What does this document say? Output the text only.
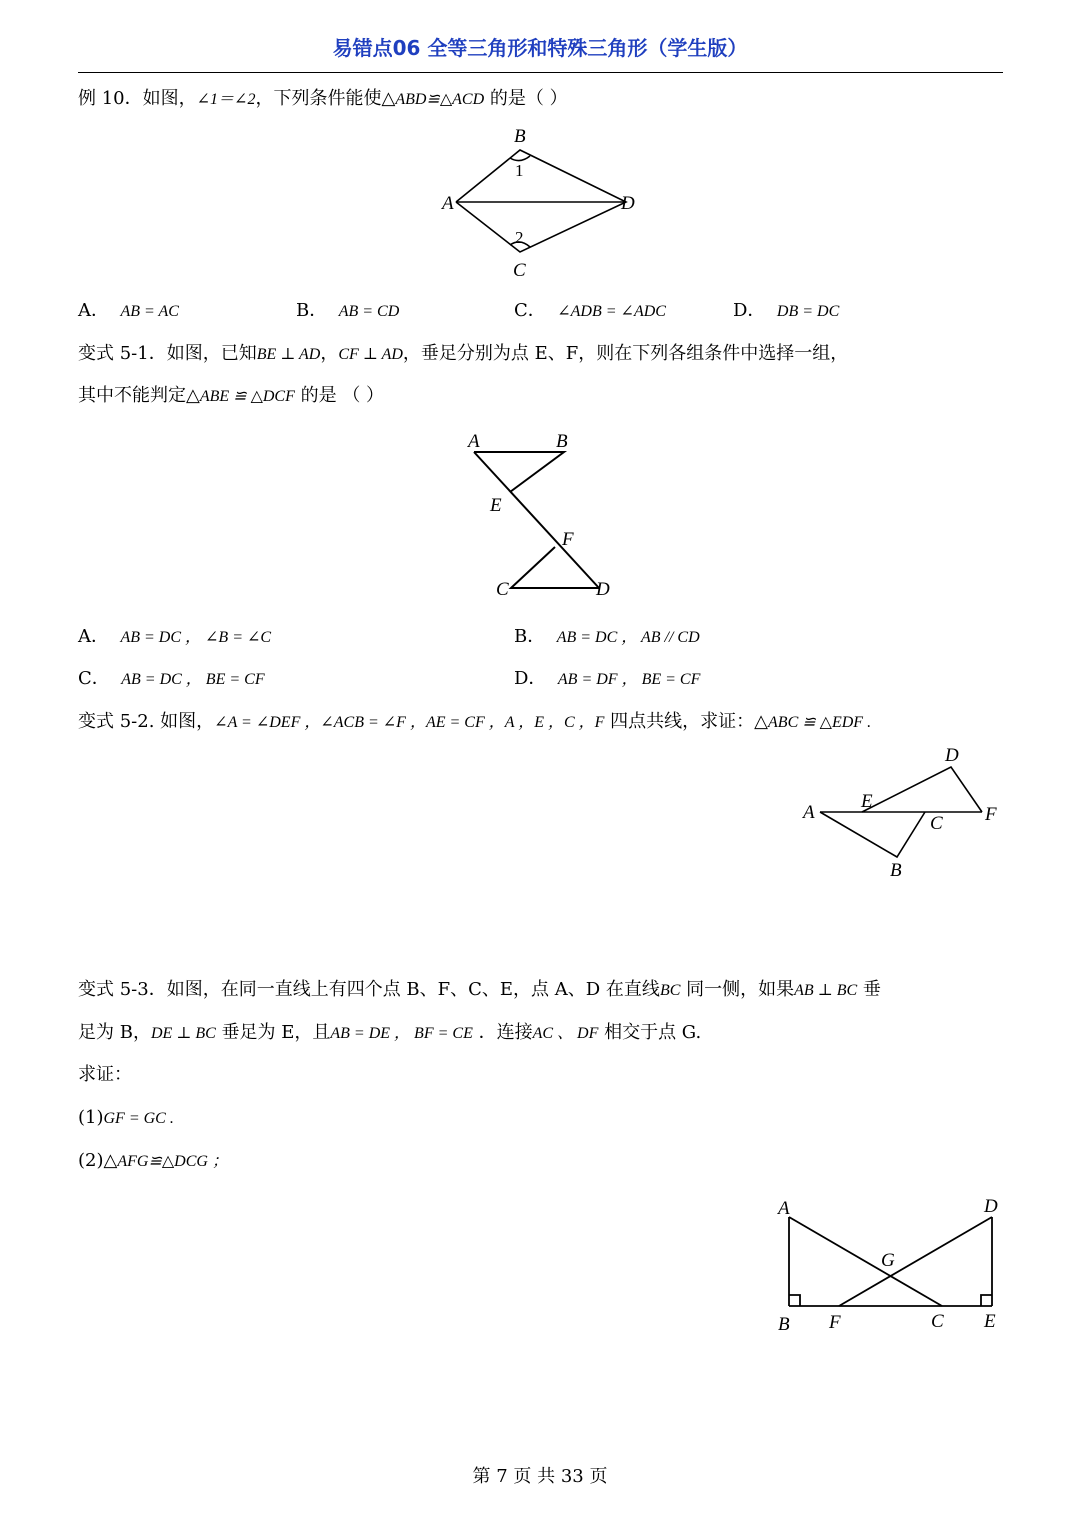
易错点06 全等三角形和特殊三角形（学生版）
例 10．如图，∠1＝∠2，下列条件能使△ABD≌△ACD 的是（ ）
B
A	D
C
1
2
A． AB = AC	B． AB = CD	C． ∠ADB = ∠ADC	D． DB = DC
变式 5-1．如图，已知BE ⊥ AD，CF ⊥ AD，垂足分别为点 E、F，则在下列各组条件中选择一组，
其中不能判定△ABE ≌ △DCF 的是 （ ）
A	B
E
F
C	D
A． AB = DC ， ∠B = ∠C	B． AB = DC ， AB // CD
C． AB = DC ， BE = CF	D． AB = DF ， BE = CF
变式 5-2. 如图，∠A = ∠DEF ，∠ACB = ∠F ，AE = CF ，A ，E ，C ，F 四点共线，求证：△ABC ≌ △EDF .
A
E
D
F
C
B
变式 5-3．如图，在同一直线上有四个点 B、F、C、E，点 A、D 在直线BC 同一侧，如果AB ⊥ BC 垂
足为 B，DE ⊥ BC 垂足为 E，且AB = DE ， BF = CE ．连接AC 、 DF 相交于点 G.
求证：
(1)GF = GC .
(2)△AFG≌△DCG ；
A	D
G
B F	C E
第 7 页 共 33 页
